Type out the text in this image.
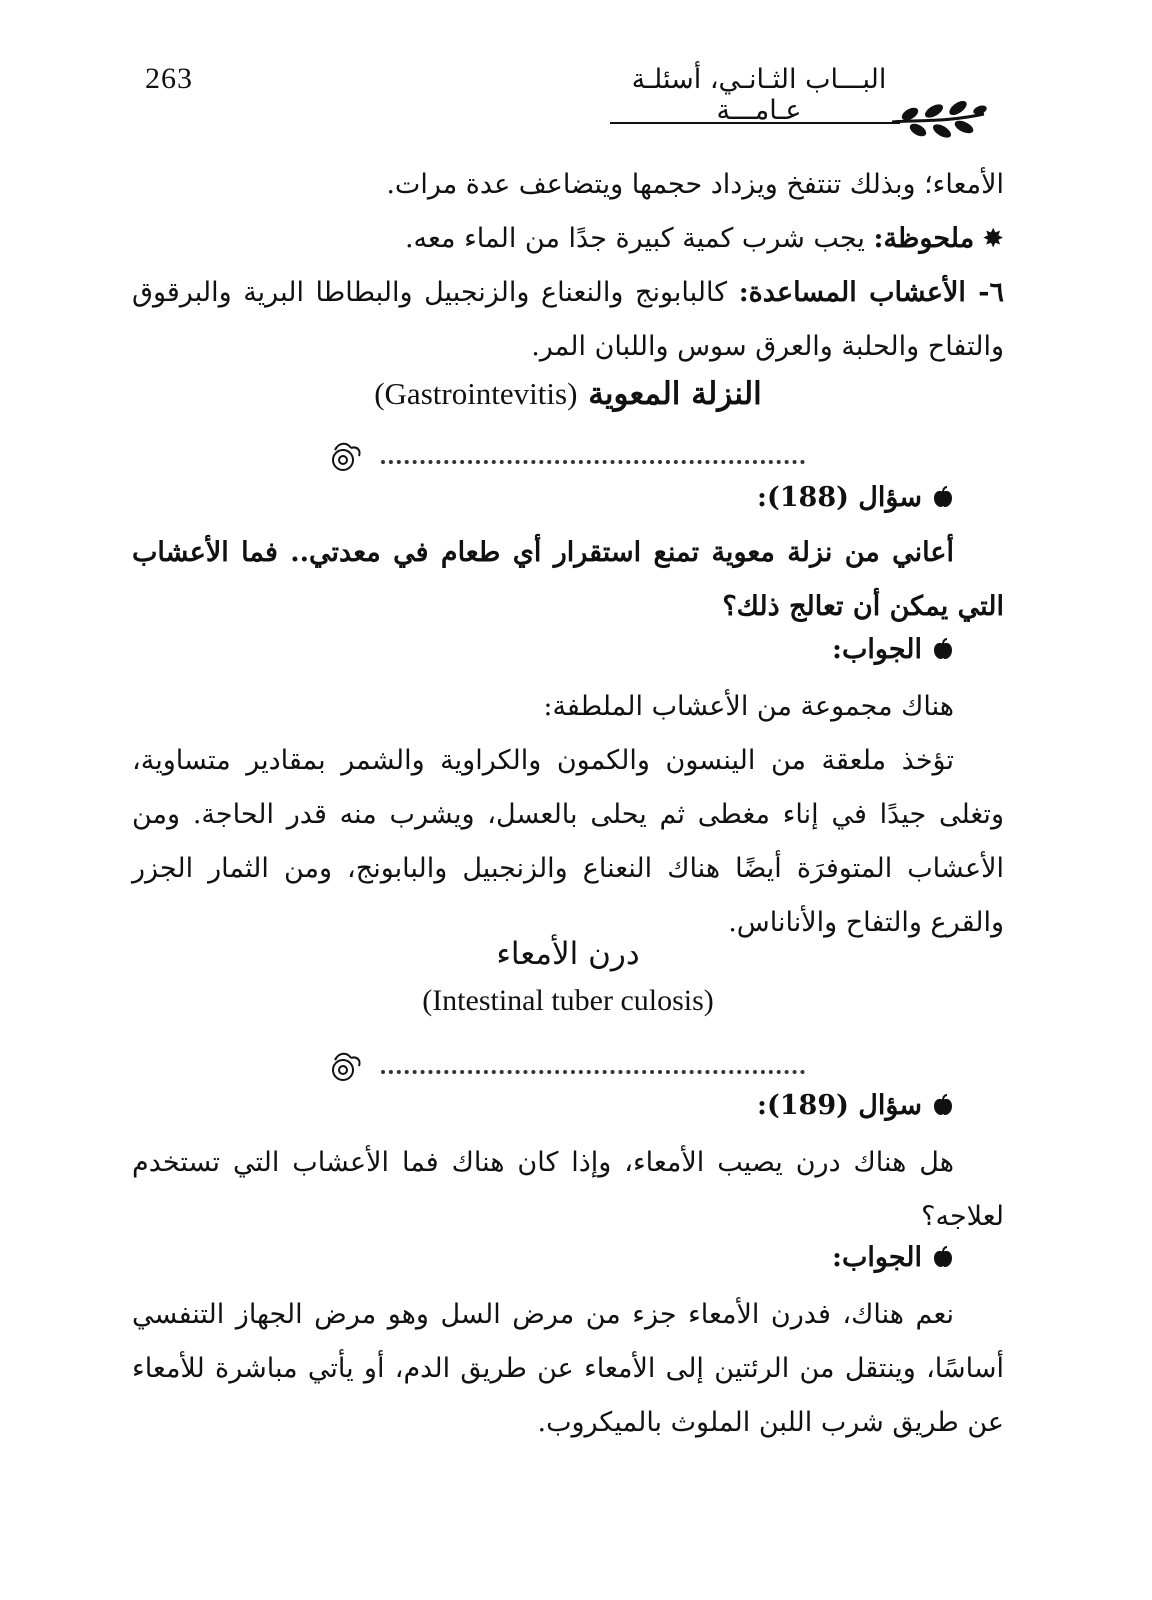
263	البـــاب الثـانـي، أسئلـة عـامـــة
الأمعاء؛ وبذلك تنتفخ ويزداد حجمها ويتضاعف عدة مرات.
✸ملحوظة: يجب شرب كمية كبيرة جدًا من الماء معه.
٦- الأعشاب المساعدة: كالبابونج والنعناع والزنجبيل والبطاطا البرية والبرقوق والتفاح والحلبة والعرق سوس واللبان المر.
النزلة المعوية (Gastrointevitis)
سؤال (188):
أعاني من نزلة معوية تمنع استقرار أي طعام في معدتي.. فما الأعشاب التي يمكن أن تعالج ذلك؟
الجواب:
هناك مجموعة من الأعشاب الملطفة:
تؤخذ ملعقة من الينسون والكمون والكراوية والشمر بمقادير متساوية، وتغلى جيدًا في إناء مغطى ثم يحلى بالعسل، ويشرب منه قدر الحاجة. ومن الأعشاب المتوفرَة أيضًا هناك النعناع والزنجبيل والبابونج، ومن الثمار الجزر والقرع والتفاح والأناناس.
درن الأمعاء
(Intestinal tuber culosis)
سؤال (189):
هل هناك درن يصيب الأمعاء، وإذا كان هناك فما الأعشاب التي تستخدم لعلاجه؟
الجواب:
نعم هناك، فدرن الأمعاء جزء من مرض السل وهو مرض الجهاز التنفسي أساسًا، وينتقل من الرئتين إلى الأمعاء عن طريق الدم، أو يأتي مباشرة للأمعاء عن طريق شرب اللبن الملوث بالميكروب.
